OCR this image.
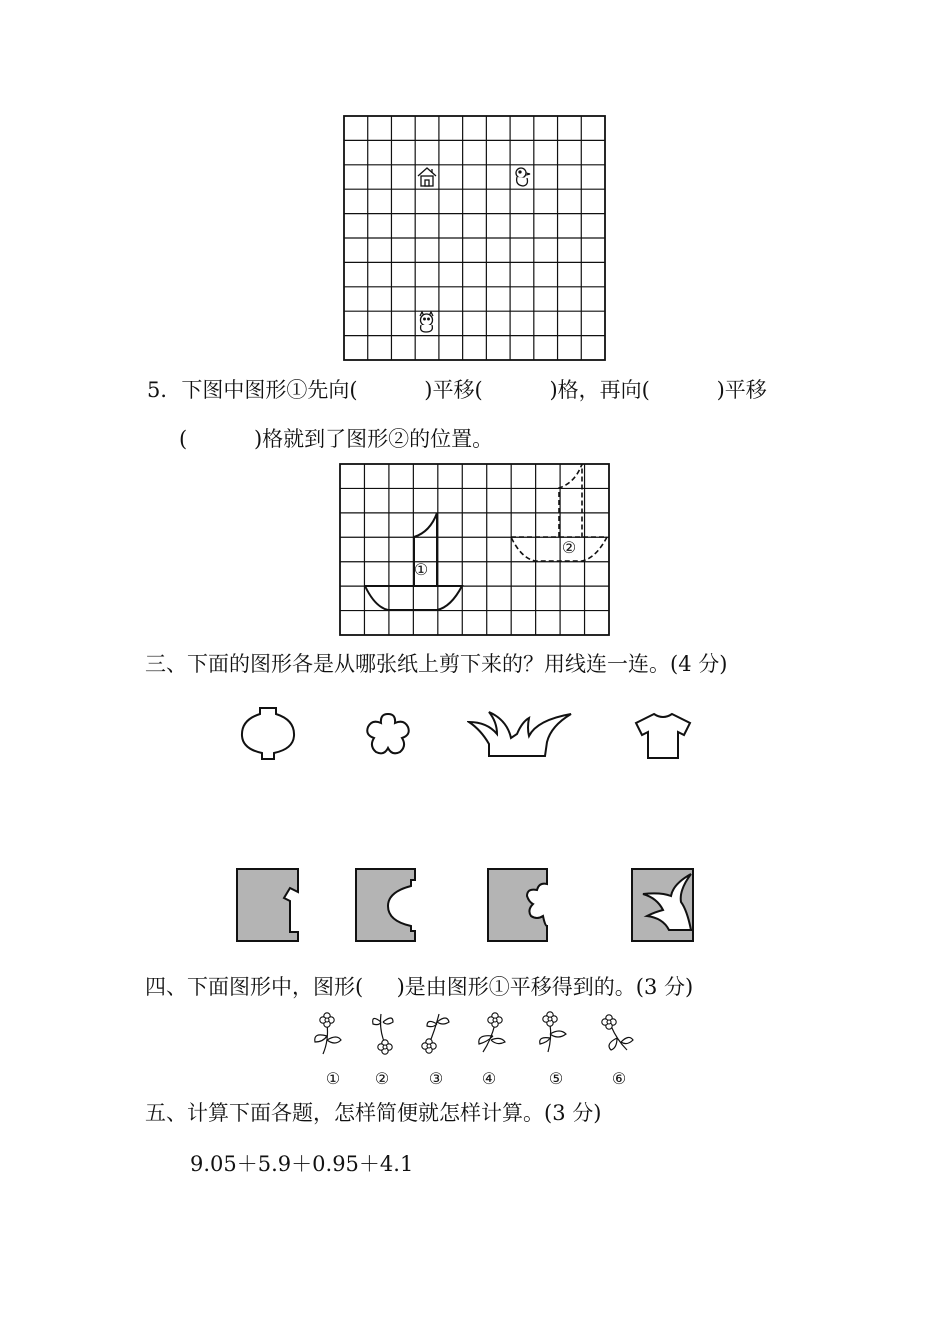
5．下图中图形①先向(          )平移(          )格，再向(          )平移
(          )格就到了图形②的位置。
①
②
三、下面的图形各是从哪张纸上剪下来的？用线连一连。(4 分)
四、下面图形中，图形(     )是由图形①平移得到的。(3 分)
①	②	③	④	⑤	⑥
五、计算下面各题，怎样简便就怎样计算。(3 分)
9.05＋5.9＋0.95＋4.1
